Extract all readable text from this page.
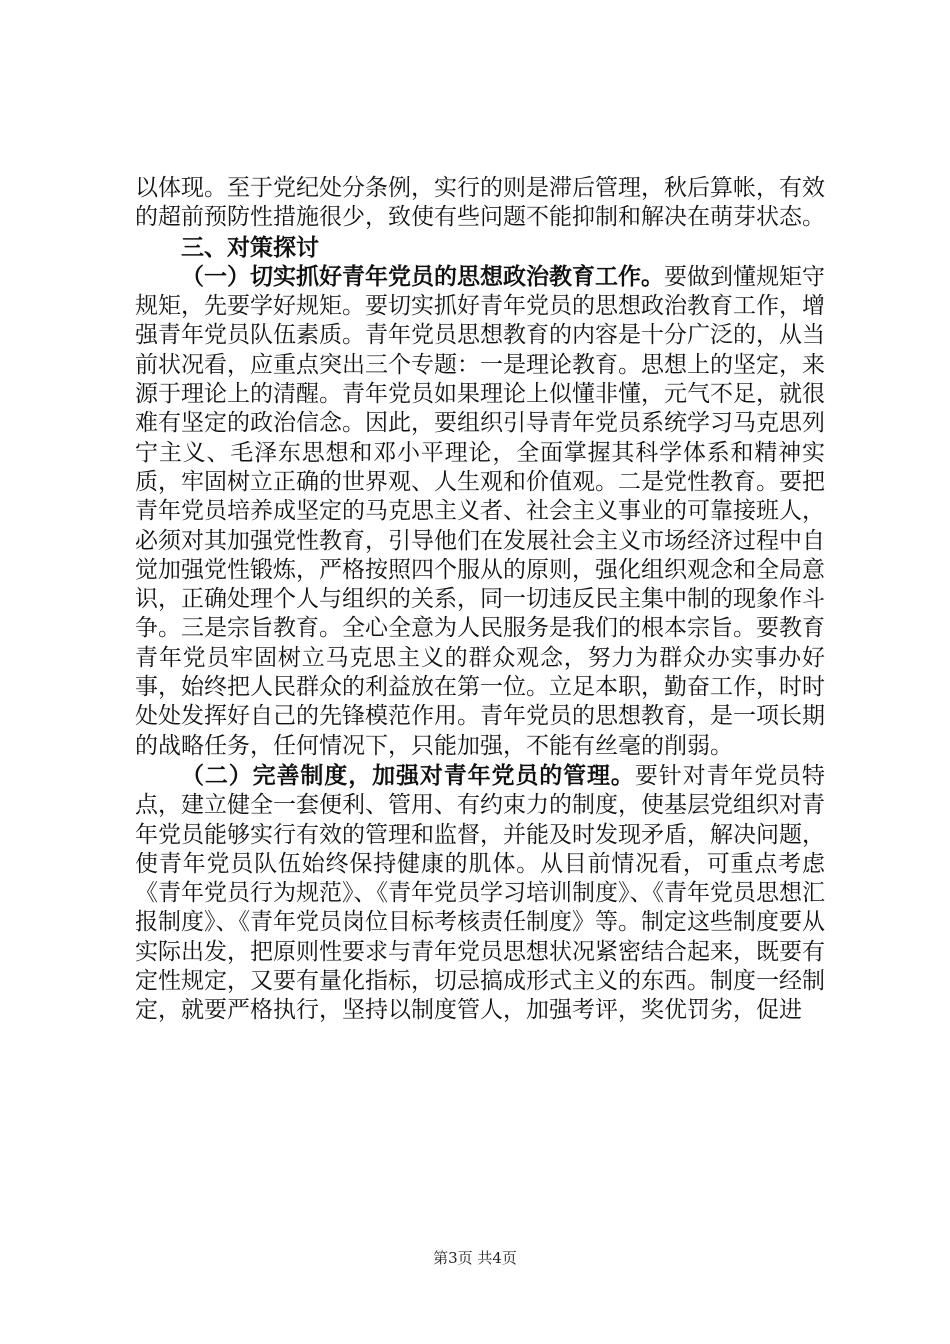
以体现。至于党纪处分条例，实行的则是滞后管理，秋后算帐，有效的超前预防性措施很少，致使有些问题不能抑制和解决在萌芽状态。

三、对策探讨

（一）切实抓好青年党员的思想政治教育工作。要做到懂规矩守规矩，先要学好规矩。要切实抓好青年党员的思想政治教育工作，增强青年党员队伍素质。青年党员思想教育的内容是十分广泛的，从当前状况看，应重点突出三个专题：一是理论教育。思想上的坚定，来源于理论上的清醒。青年党员如果理论上似懂非懂，元气不足，就很难有坚定的政治信念。因此，要组织引导青年党员系统学习马克思列宁主义、毛泽东思想和邓小平理论，全面掌握其科学体系和精神实质，牢固树立正确的世界观、人生观和价值观。二是党性教育。要把青年党员培养成坚定的马克思主义者、社会主义事业的可靠接班人，必须对其加强党性教育，引导他们在发展社会主义市场经济过程中自觉加强党性锻炼，严格按照四个服从的原则，强化组织观念和全局意识，正确处理个人与组织的关系，同一切违反民主集中制的现象作斗争。三是宗旨教育。全心全意为人民服务是我们的根本宗旨。要教育青年党员牢固树立马克思主义的群众观念，努力为群众办实事办好事，始终把人民群众的利益放在第一位。立足本职，勤奋工作，时时处处发挥好自己的先锋模范作用。青年党员的思想教育，是一项长期的战略任务，任何情况下，只能加强，不能有丝毫的削弱。

（二）完善制度，加强对青年党员的管理。要针对青年党员特点，建立健全一套便利、管用、有约束力的制度，使基层党组织对青年党员能够实行有效的管理和监督，并能及时发现矛盾，解决问题，使青年党员队伍始终保持健康的肌体。从目前情况看，可重点考虑《青年党员行为规范》、《青年党员学习培训制度》、《青年党员思想汇报制度》、《青年党员岗位目标考核责任制度》等。制定这些制度要从实际出发，把原则性要求与青年党员思想状况紧密结合起来，既要有定性规定，又要有量化指标，切忌搞成形式主义的东西。制度一经制定，就要严格执行，坚持以制度管人，加强考评，奖优罚劣，促进

第3页 共4页
